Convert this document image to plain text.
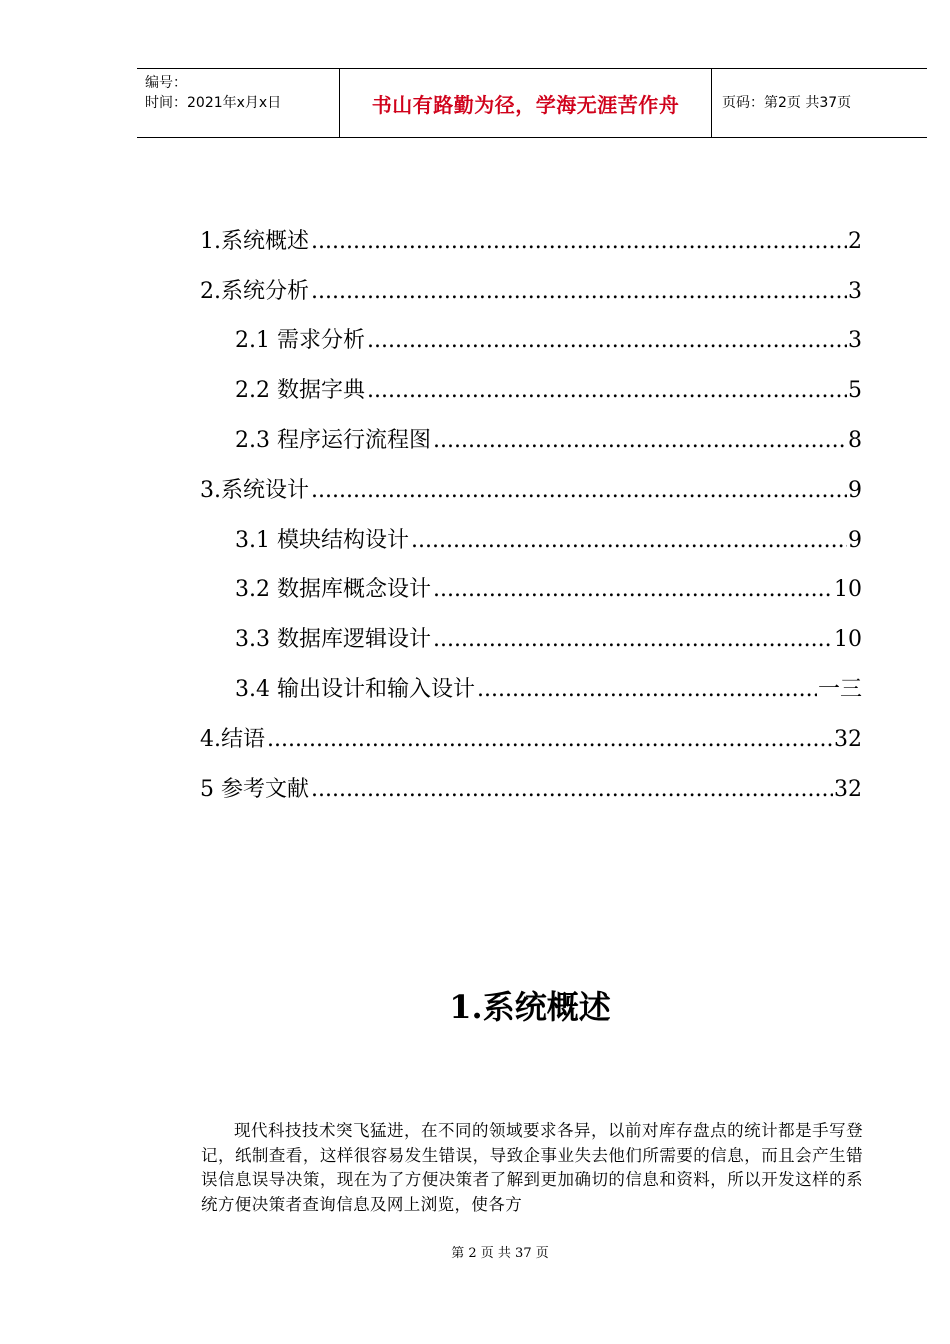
编号：
时间：2021年x月x日	书山有路勤为径，学海无涯苦作舟	页码：第2页 共37页
1.系统概述 .....	2
2.系统分析 .....	3
2.1 需求分析 .....	3
2.2 数据字典 .....	5
2.3 程序运行流程图 .....	8
3.系统设计 .....	9
3.1 模块结构设计 .....	9
3.2 数据库概念设计 .....	10
3.3 数据库逻辑设计 .....	10
3.4 输出设计和输入设计 .....	一三
4.结语 .....	32
5 参考文献 .....	32
1.系统概述
现代科技技术突飞猛进，在不同的领域要求各异，以前对库存盘点的统计都是手写登记，纸制查看，这样很容易发生错误，导致企事业失去他们所需要的信息，而且会产生错误信息误导决策，现在为了方便决策者了解到更加确切的信息和资料，所以开发这样的系统方便决策者查询信息及网上浏览，使各方
第 2 页 共 37 页
